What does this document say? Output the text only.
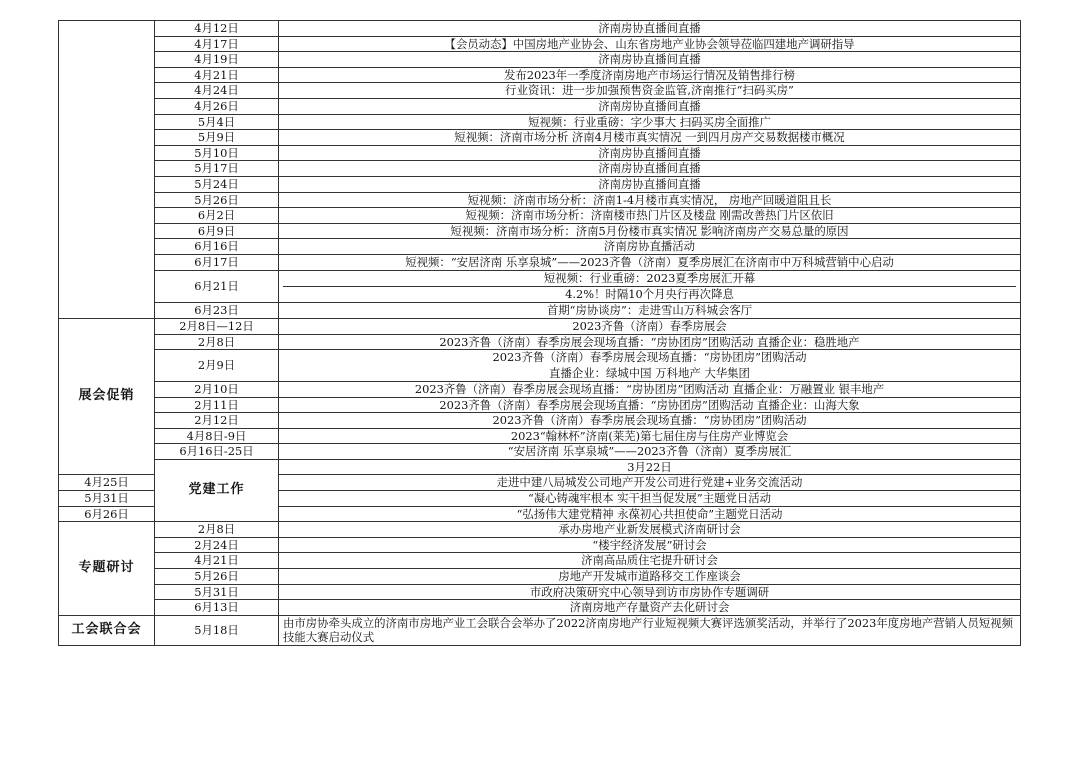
	4月12日	济南房协直播间直播	
	4月17日	【会员动态】中国房地产业协会、山东省房地产业协会领导莅临四建地产调研指导	
	4月19日	济南房协直播间直播	
	4月21日	发布2023年一季度济南房地产市场运行情况及销售排行榜	
	4月24日	行业资讯：进一步加强预售资金监管,济南推行“扫码买房”	
	4月26日	济南房协直播间直播	
	5月4日	短视频：行业重磅：字少事大 扫码买房全面推广	
	5月9日	短视频：济南市场分析 济南4月楼市真实情况 一到四月房产交易数据楼市概况	
	5月10日	济南房协直播间直播	
	5月17日	济南房协直播间直播	
	5月24日	济南房协直播间直播	
	5月26日	短视频：济南市场分析：济南1-4月楼市真实情况， 房地产回暖道阻且长	
	6月2日	短视频：济南市场分析：济南楼市热门片区及楼盘 刚需改善热门片区依旧	
	6月9日	短视频：济南市场分析：济南5月份楼市真实情况 影响济南房产交易总量的原因	
	6月16日	济南房协直播活动	
	6月17日	短视频：“安居济南 乐享泉城”——2023齐鲁（济南）夏季房展汇在济南市中万科城营销中心启动	
	6月21日	短视频：行业重磅：2023夏季房展汇开幕
4.2%！时隔10个月央行再次降息	

	6月23日	首期“房协谈房”：走进雪山万科城会客厅	
展会促销	2月8日—12日	2023齐鲁（济南）春季房展会	
	2月8日	2023齐鲁（济南）春季房展会现场直播：“房协团房”团购活动 直播企业：稳胜地产	
	2月9日	2023齐鲁（济南）春季房展会现场直播：“房协团房”团购活动
直播企业：绿城中国 万科地产 大华集团	

	2月10日	2023齐鲁（济南）春季房展会现场直播：“房协团房”团购活动 直播企业：万融置业 银丰地产	
	2月11日	2023齐鲁（济南）春季房展会现场直播：“房协团房”团购活动 直播企业：山海大象	
	2月12日	2023齐鲁（济南）春季房展会现场直播：“房协团房”团购活动	
	4月8日-9日	2023“翰林杯”济南(莱芜)第七届住房与住房产业博览会	
	6月16日-25日	“安居济南 乐享泉城”——2023齐鲁（济南）夏季房展汇	
	党建工作	3月22日	
4月25日		走进中建八局城发公司地产开发公司进行党建+业务交流活动	
5月31日		“凝心铸魂牢根本 实干担当促发展”主题党日活动	
6月26日		“弘扬伟大建党精神 永葆初心共担使命”主题党日活动	
专题研讨	2月8日	承办房地产业新发展模式济南研讨会	
	2月24日	“楼宇经济发展”研讨会	
	4月21日	济南高品质住宅提升研讨会	
	5月26日	房地产开发城市道路移交工作座谈会	
	5月31日	市政府决策研究中心领导到访市房协作专题调研	
	6月13日	济南房地产存量资产去化研讨会	
工会联合会	5月18日	由市房协牵头成立的济南市房地产业工会联合会举办了2022济南房地产行业短视频大赛评选颁奖活动，并举行了2023年度房地产营销人员短视频技能大赛启动仪式	
